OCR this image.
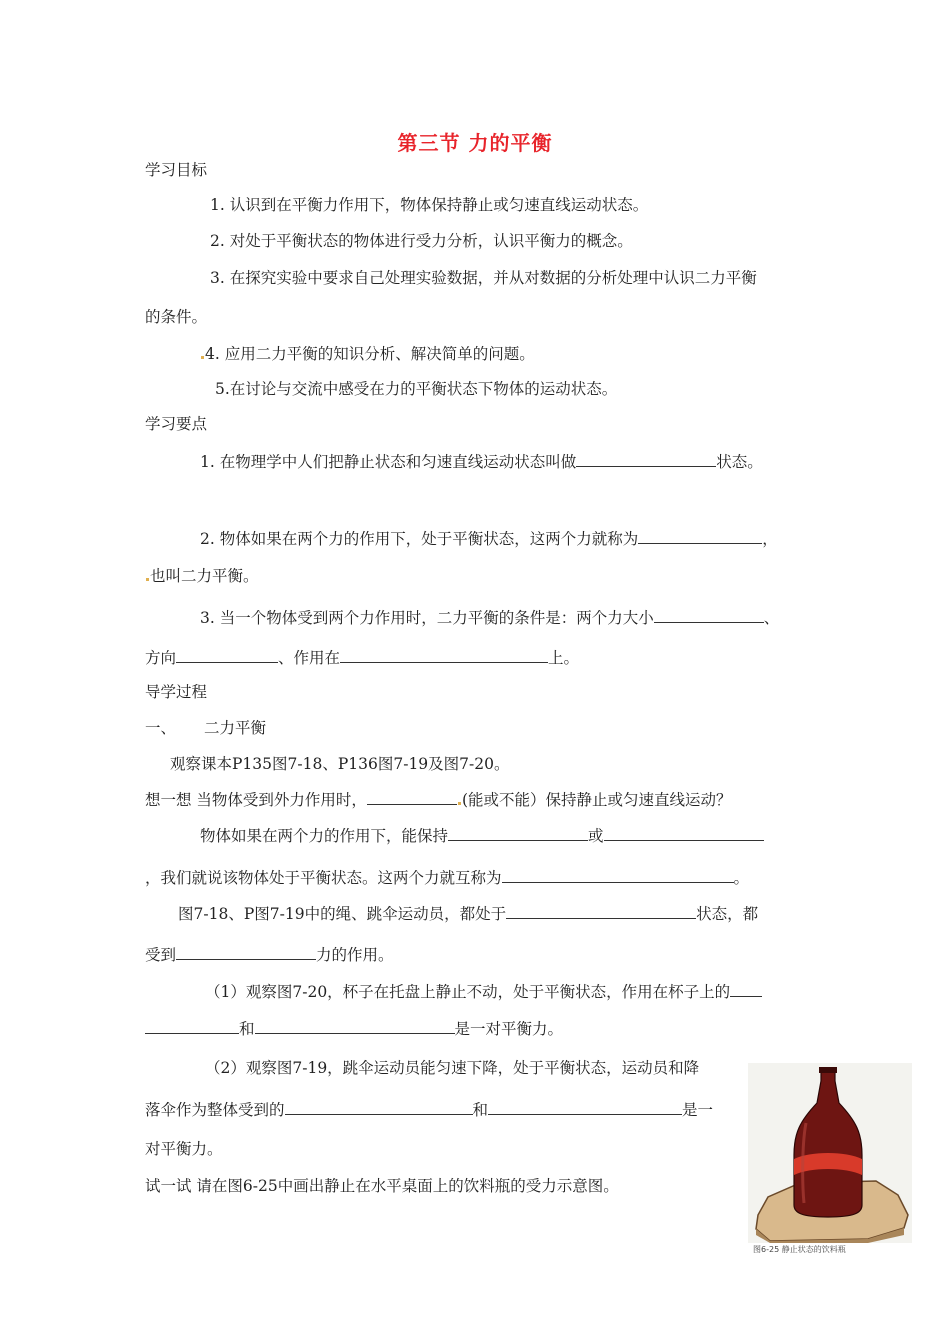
第三节 力的平衡
学习目标
1. 认识到在平衡力作用下，物体保持静止或匀速直线运动状态。
2. 对处于平衡状态的物体进行受力分析，认识平衡力的概念。
3. 在探究实验中要求自己处理实验数据，并从对数据的分析处理中认识二力平衡
的条件。
4. 应用二力平衡的知识分析、解决简单的问题。
5.在讨论与交流中感受在力的平衡状态下物体的运动状态。
学习要点
1. 在物理学中人们把静止状态和匀速直线运动状态叫做	状态。
2. 物体如果在两个力的作用下，处于平衡状态，这两个力就称为	，
也叫二力平衡。
3. 当一个物体受到两个力作用时，二力平衡的条件是：两个力大小	、
方向	、作用在	上。
导学过程
一、 二力平衡
观察课本P135图7-18、P136图7-19及图7-20。
想一想 当物体受到外力作用时，	(能或不能）保持静止或匀速直线运动？
物体如果在两个力的作用下，能保持	或
，我们就说该物体处于平衡状态。这两个力就互称为	。
图7-18、P图7-19中的绳、跳伞运动员，都处于	状态，都
受到	力的作用。
（1）观察图7-20，杯子在托盘上静止不动，处于平衡状态，作用在杯子上的
和	是一对平衡力。
（2）观察图7-19，跳伞运动员能匀速下降，处于平衡状态，运动员和降
落伞作为整体受到的	和	是一
对平衡力。
试一试 请在图6-25中画出静止在水平桌面上的饮料瓶的受力示意图。
图6-25 静止状态的饮料瓶
